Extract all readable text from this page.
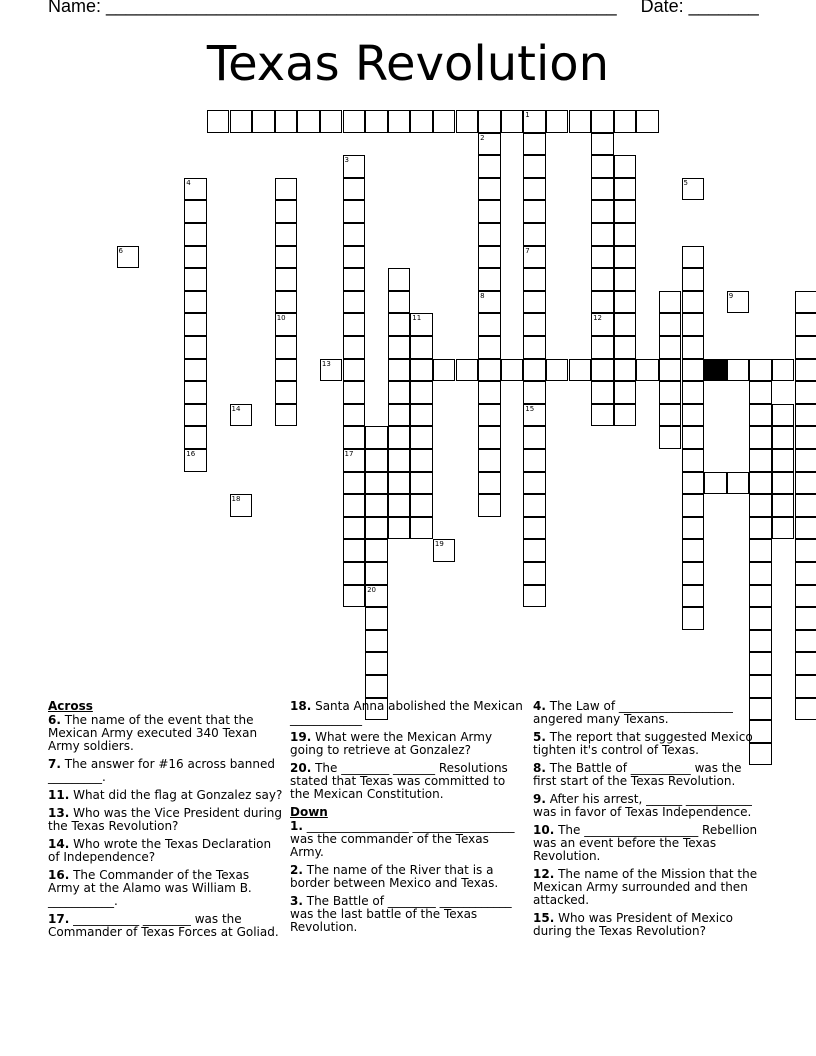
Name: ___________________________________________________ Date: _______
Texas Revolution
1
7
15
2
8
3
17
10
4
11	12
20
5
6
9
13
14
16
18
19
Across
6. The name of the event that the Mexican Army executed 340 Texan Army soldiers.
7. The answer for #16 across banned _________.
11. What did the flag at Gonzalez say?
13. Who was the Vice President during the Texas Revolution?
14. Who wrote the Texas Declaration of Independence?
16. The Commander of the Texas Army at the Alamo was William B. ___________.
17. ___________ ________ was the Commander of Texas Forces at Goliad.
18. Santa Anna abolished the Mexican ____________
19. What were the Mexican Army going to retrieve at Gonzalez?
20. The ________ _______ Resolutions stated that Texas was committed to the Mexican Constitution.
Down
1. _________________ _________________ was the commander of the Texas Army.
2. The name of the River that is a border between Mexico and Texas.
3. The Battle of ________ ____________ was the last battle of the Texas Revolution.
4. The Law of ___________________ angered many Texans.
5. The report that suggested Mexico tighten it's control of Texas.
8. The Battle of __________ was the first start of the Texas Revolution.
9. After his arrest, ______ ___________ was in favor of Texas Independence.
10. The ___________________ Rebellion was an event before the Texas Revolution.
12. The name of the Mission that the Mexican Army surrounded and then attacked.
15. Who was President of Mexico during the Texas Revolution?
